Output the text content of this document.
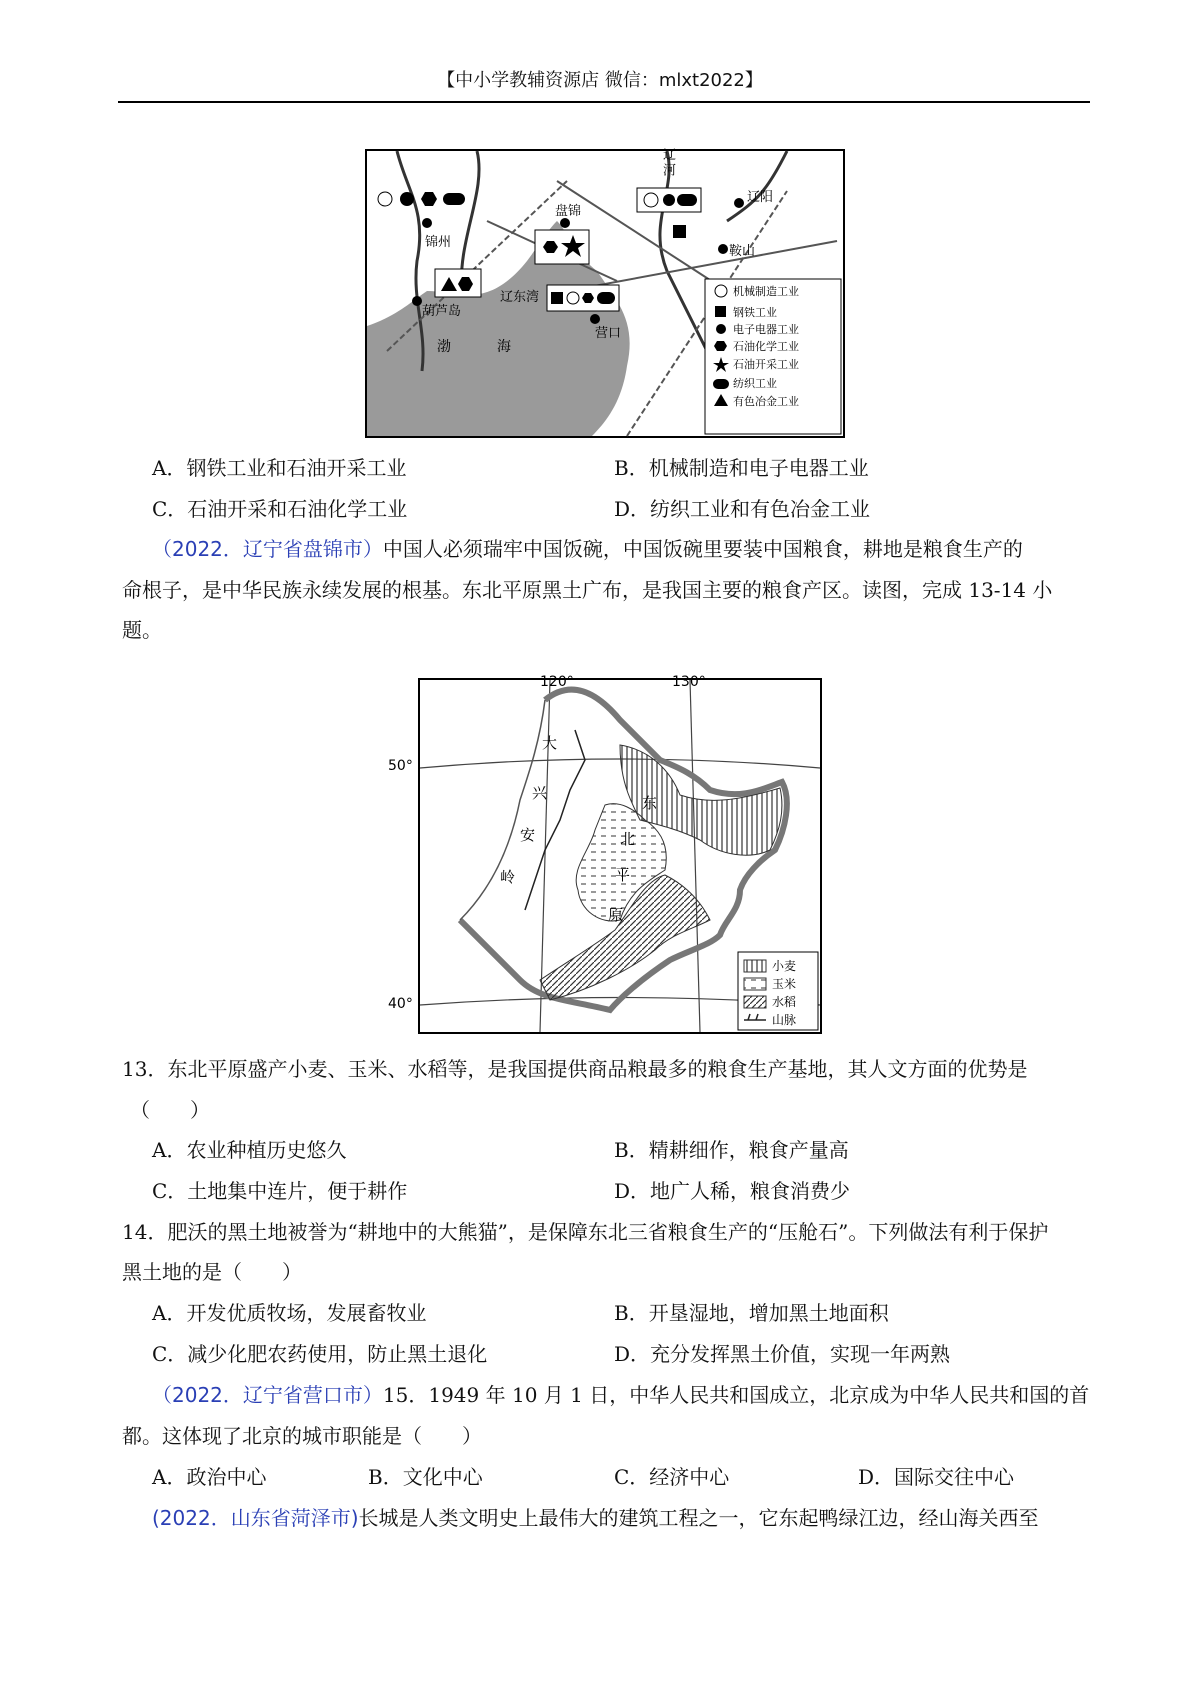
【中小学教辅资源店 微信：mlxt2022】
锦州
盘锦
辽河
辽阳
鞍山
葫芦岛
辽东湾
营口
渤	海
机械制造工业
钢铁工业
电子电器工业
石油化学工业
石油开采工业
纺织工业
有色冶金工业
A．钢铁工业和石油开采工业	B．机械制造和电子电器工业
C．石油开采和石油化学工业	D．纺织工业和有色冶金工业
（2022．辽宁省盘锦市）中国人必须瑞牢中国饭碗，中国饭碗里要装中国粮食，耕地是粮食生产的
命根子，是中华民族永续发展的根基。东北平原黑土广布，是我国主要的粮食产区。读图，完成 13-14 小
题。
120°	130°
50°
40°
大
兴
安
岭
东
北
平
原
小麦
玉米
水稻
山脉
13．东北平原盛产小麦、玉米、水稻等，是我国提供商品粮最多的粮食生产基地，其人文方面的优势是
（　　）
A．农业种植历史悠久	B．精耕细作，粮食产量高
C．土地集中连片，便于耕作	D．地广人稀，粮食消费少
14．肥沃的黑土地被誉为“耕地中的大熊猫”，是保障东北三省粮食生产的“压舱石”。下列做法有利于保护
黑土地的是（　　）
A．开发优质牧场，发展畜牧业	B．开垦湿地，增加黑土地面积
C．减少化肥农药使用，防止黑土退化	D．充分发挥黑土价值，实现一年两熟
（2022．辽宁省营口市）15．1949 年 10 月 1 日，中华人民共和国成立，北京成为中华人民共和国的首
都。这体现了北京的城市职能是（　　）
A．政治中心	B．文化中心	C．经济中心	D．国际交往中心
(2022．山东省菏泽市)长城是人类文明史上最伟大的建筑工程之一，它东起鸭绿江边，经山海关西至
